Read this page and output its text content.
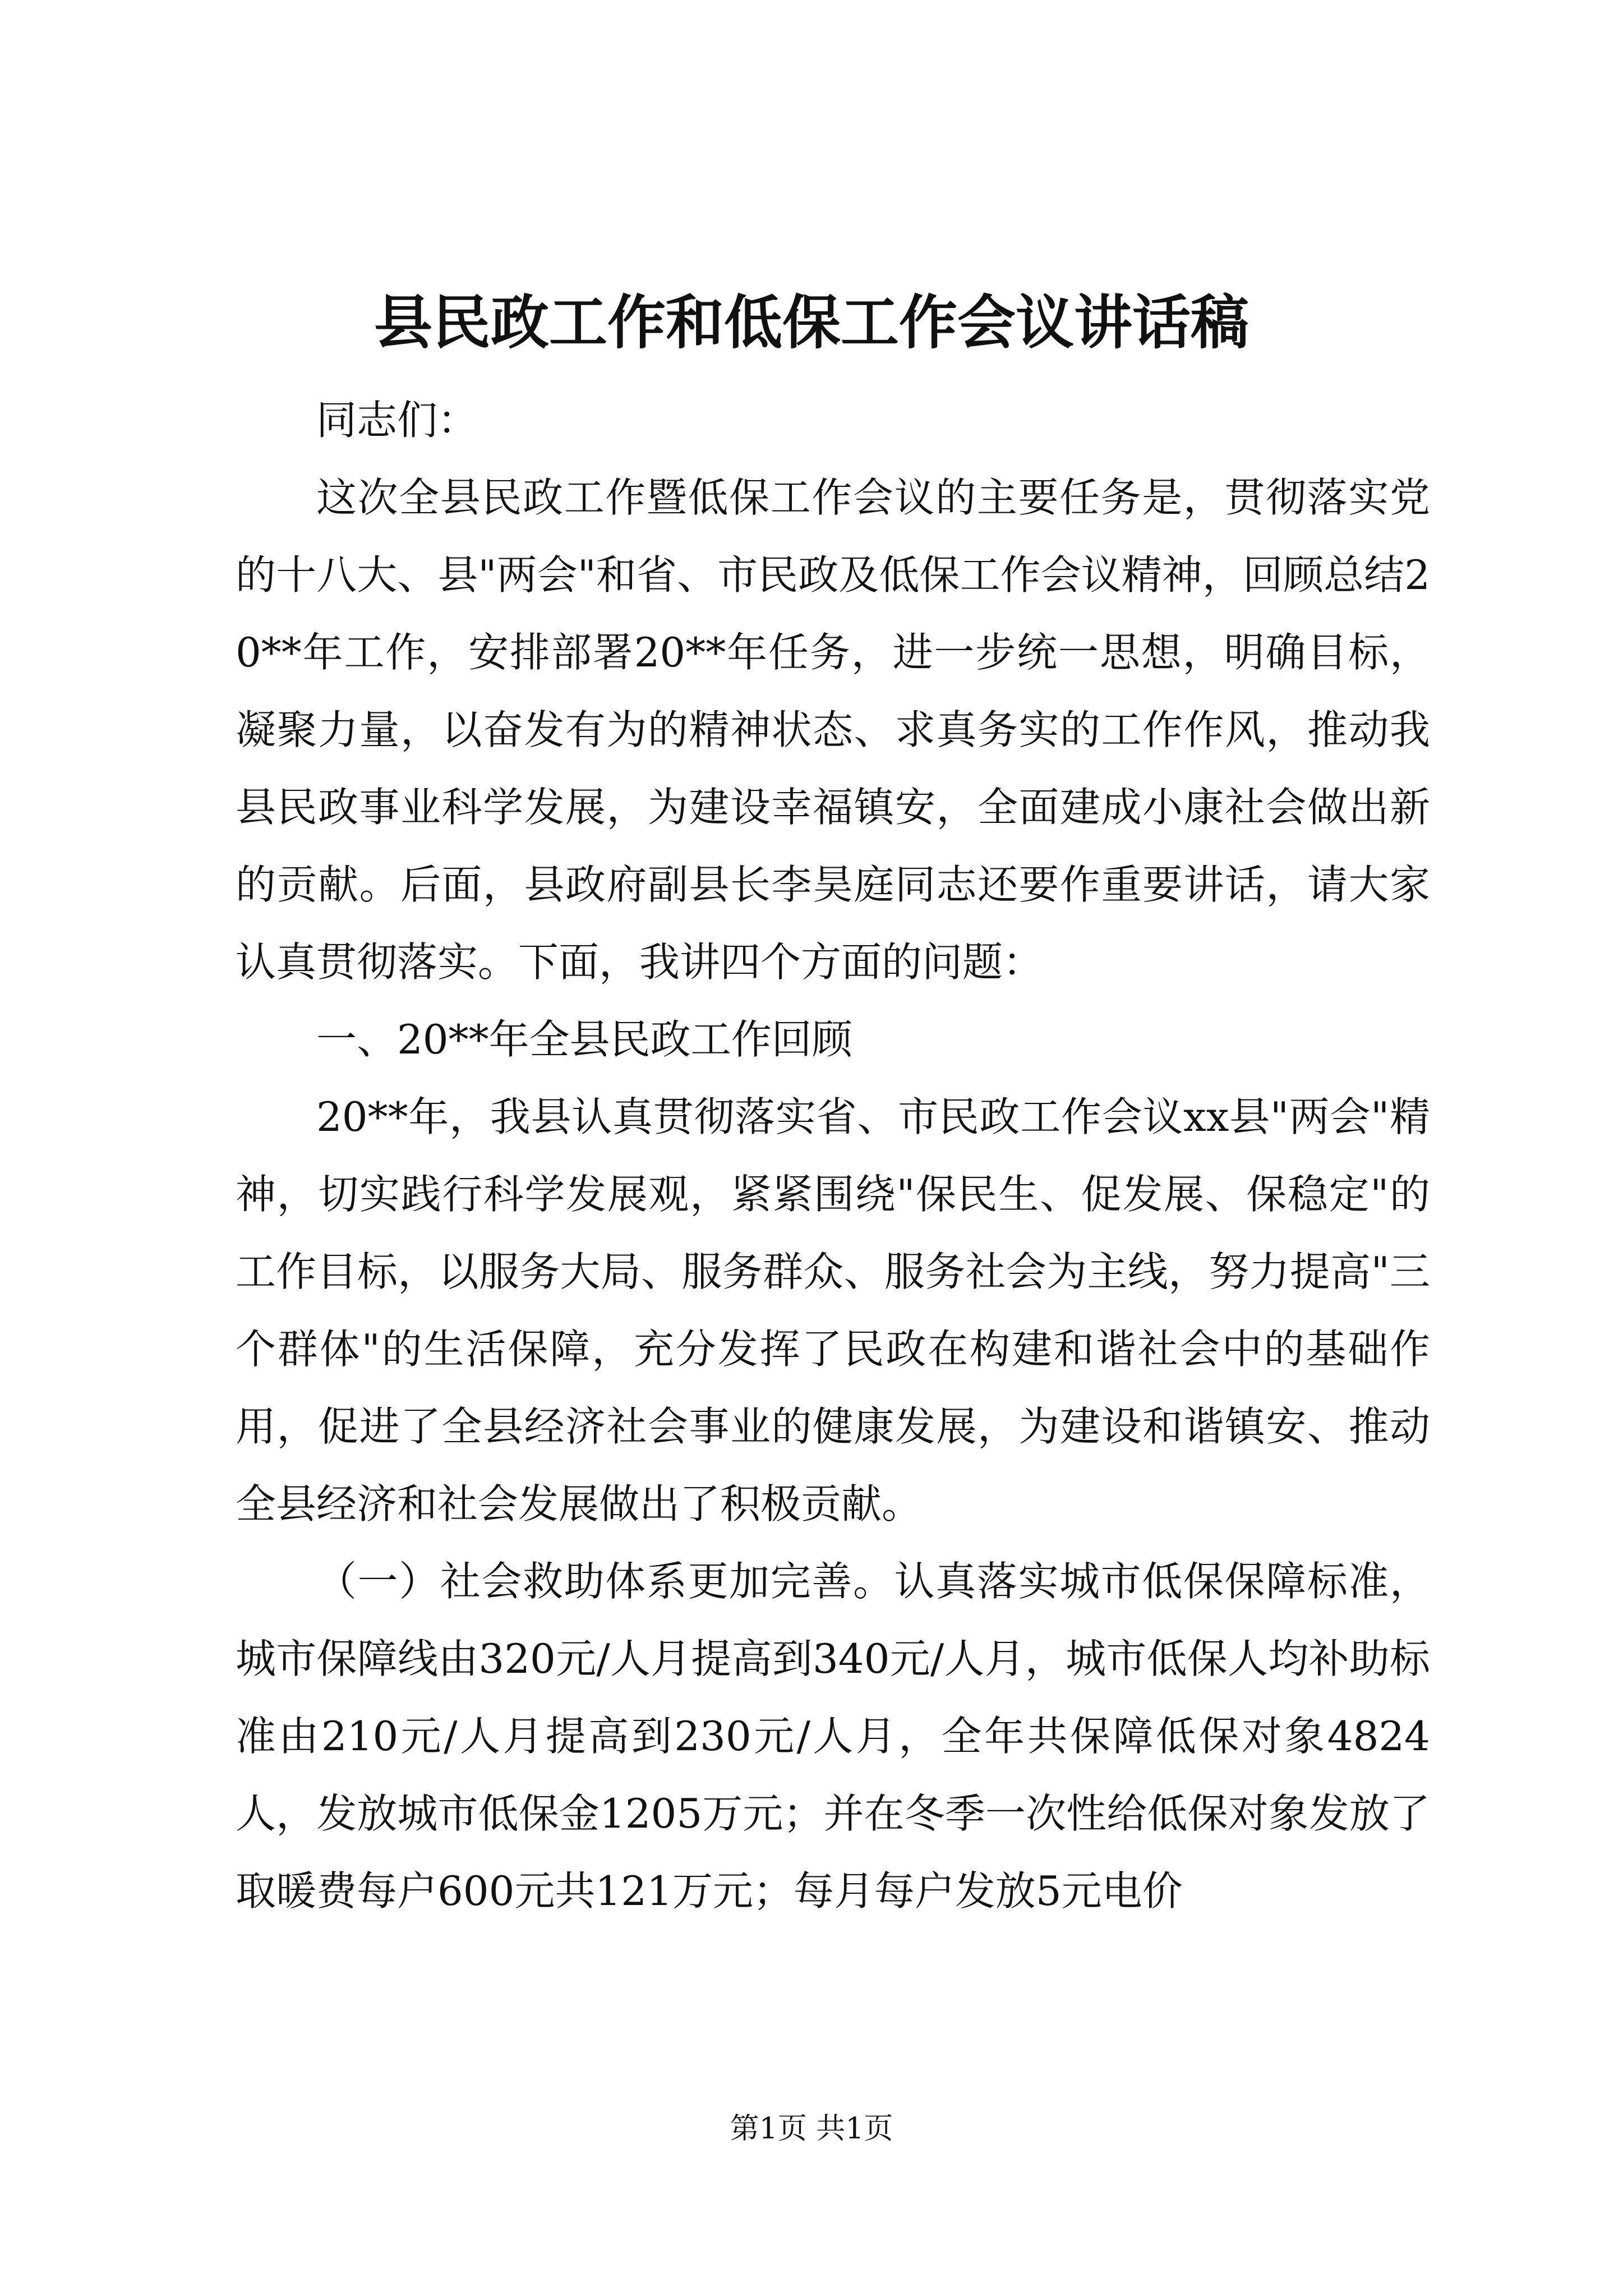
县民政工作和低保工作会议讲话稿

同志们：

这次全县民政工作暨低保工作会议的主要任务是，贯彻落实党的十八大、县"两会"和省、市民政及低保工作会议精神，回顾总结20**年工作，安排部署20**年任务，进一步统一思想，明确目标，凝聚力量，以奋发有为的精神状态、求真务实的工作作风，推动我县民政事业科学发展，为建设幸福镇安，全面建成小康社会做出新的贡献。后面，县政府副县长李昊庭同志还要作重要讲话，请大家认真贯彻落实。下面，我讲四个方面的问题：

一、20**年全县民政工作回顾

20**年，我县认真贯彻落实省、市民政工作会议xx县"两会"精神，切实践行科学发展观，紧紧围绕"保民生、促发展、保稳定"的工作目标，以服务大局、服务群众、服务社会为主线，努力提高"三个群体"的生活保障，充分发挥了民政在构建和谐社会中的基础作用，促进了全县经济社会事业的健康发展，为建设和谐镇安、推动全县经济和社会发展做出了积极贡献。

（一）社会救助体系更加完善。认真落实城市低保保障标准，城市保障线由320元/人月提高到340元/人月，城市低保人均补助标准由210元/人月提高到230元/人月，全年共保障低保对象4824人，发放城市低保金1205万元；并在冬季一次性给低保对象发放了取暖费每户600元共121万元；每月每户发放5元电价

第1页 共1页
